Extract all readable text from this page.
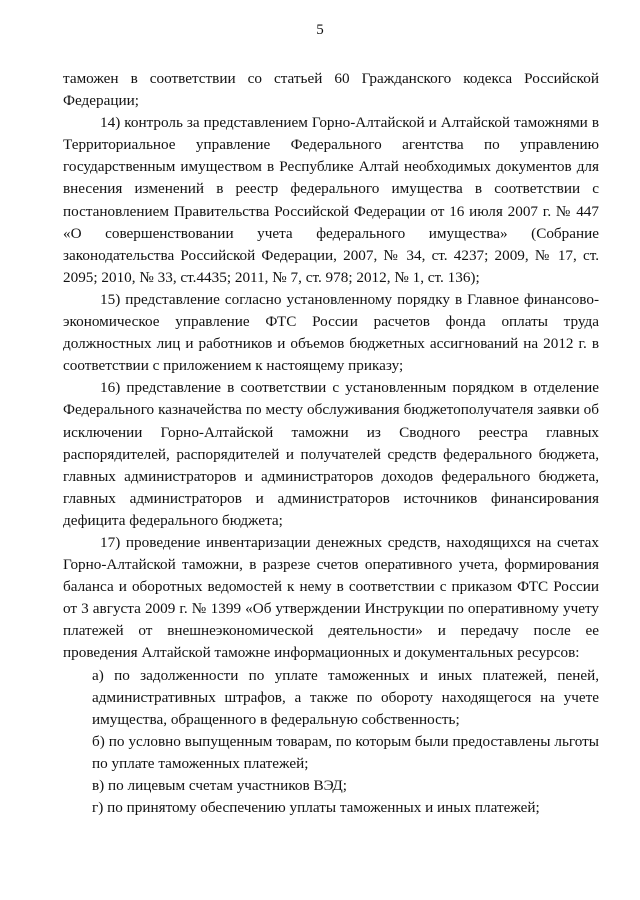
5

таможен в соответствии со статьей 60 Гражданского кодекса Российской Федерации;

14) контроль за представлением Горно-Алтайской и Алтайской таможнями в Территориальное управление Федерального агентства по управлению государственным имуществом в Республике Алтай необходимых документов для внесения изменений в реестр федерального имущества в соответствии с постановлением Правительства Российской Федерации от 16 июля 2007 г. № 447 «О совершенствовании учета федерального имущества» (Собрание законодательства Российской Федерации, 2007, № 34, ст. 4237; 2009, № 17, ст. 2095; 2010, № 33, ст.4435; 2011, № 7, ст. 978; 2012, № 1, ст. 136);

15) представление согласно установленному порядку в Главное финансово-экономическое управление ФТС России расчетов фонда оплаты труда должностных лиц и работников и объемов бюджетных ассигнований на 2012 г. в соответствии с приложением к настоящему приказу;

16) представление в соответствии с установленным порядком в отделение Федерального казначейства по месту обслуживания бюджетополучателя заявки об исключении Горно-Алтайской таможни из Сводного реестра главных распорядителей, распорядителей и получателей средств федерального бюджета, главных администраторов и администраторов доходов федерального бюджета, главных администраторов и администраторов источников финансирования дефицита федерального бюджета;

17) проведение инвентаризации денежных средств, находящихся на счетах Горно-Алтайской таможни, в разрезе счетов оперативного учета, формирования баланса и оборотных ведомостей к нему в соответствии с приказом ФТС России от 3 августа 2009 г. № 1399 «Об утверждении Инструкции по оперативному учету платежей от внешнеэкономической деятельности» и передачу после ее проведения Алтайской таможне информационных и документальных ресурсов:

а) по задолженности по уплате таможенных и иных платежей, пеней, административных штрафов, а также по обороту находящегося на учете имущества, обращенного в федеральную собственность;

б) по условно выпущенным товарам, по которым были предоставлены льготы по уплате таможенных платежей;

в) по лицевым счетам участников ВЭД;

г) по принятому обеспечению уплаты таможенных и иных платежей;
